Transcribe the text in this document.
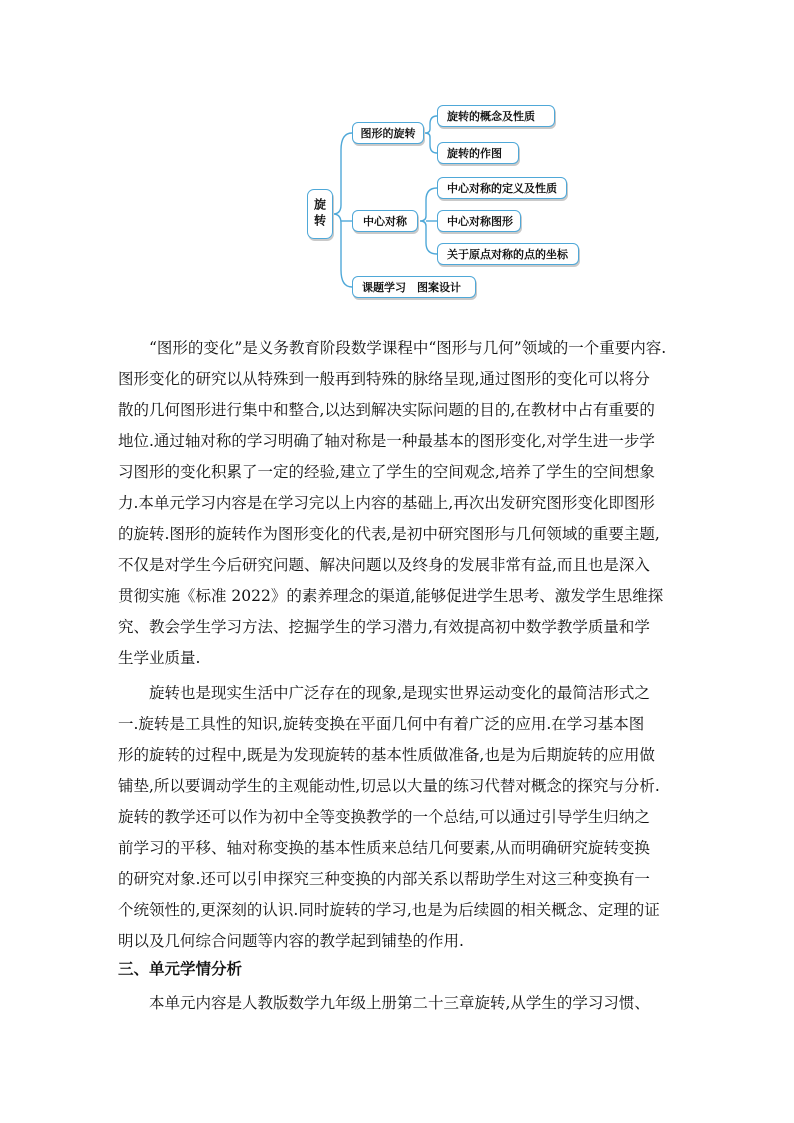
旋转
图形的旋转
旋转的概念及性质
旋转的作图
中心对称
中心对称的定义及性质
中心对称图形
关于原点对称的点的坐标
课题学习　图案设计
“图形的变化”是义务教育阶段数学课程中“图形与几何”领域的一个重要内容.
图形变化的研究以从特殊到一般再到特殊的脉络呈现,通过图形的变化可以将分
散的几何图形进行集中和整合,以达到解决实际问题的目的,在教材中占有重要的
地位.通过轴对称的学习明确了轴对称是一种最基本的图形变化,对学生进一步学
习图形的变化积累了一定的经验,建立了学生的空间观念,培养了学生的空间想象
力.本单元学习内容是在学习完以上内容的基础上,再次出发研究图形变化即图形
的旋转.图形的旋转作为图形变化的代表,是初中研究图形与几何领域的重要主题,
不仅是对学生今后研究问题、解决问题以及终身的发展非常有益,而且也是深入
贯彻实施《标准 2022》的素养理念的渠道,能够促进学生思考、激发学生思维探
究、教会学生学习方法、挖掘学生的学习潜力,有效提高初中数学教学质量和学
生学业质量.
旋转也是现实生活中广泛存在的现象,是现实世界运动变化的最简洁形式之
一.旋转是工具性的知识,旋转变换在平面几何中有着广泛的应用.在学习基本图
形的旋转的过程中,既是为发现旋转的基本性质做准备,也是为后期旋转的应用做
铺垫,所以要调动学生的主观能动性,切忌以大量的练习代替对概念的探究与分析.
旋转的教学还可以作为初中全等变换教学的一个总结,可以通过引导学生归纳之
前学习的平移、轴对称变换的基本性质来总结几何要素,从而明确研究旋转变换
的研究对象.还可以引申探究三种变换的内部关系以帮助学生对这三种变换有一
个统领性的,更深刻的认识.同时旋转的学习,也是为后续圆的相关概念、定理的证
明以及几何综合问题等内容的教学起到铺垫的作用.
三、单元学情分析
本单元内容是人教版数学九年级上册第二十三章旋转,从学生的学习习惯、
